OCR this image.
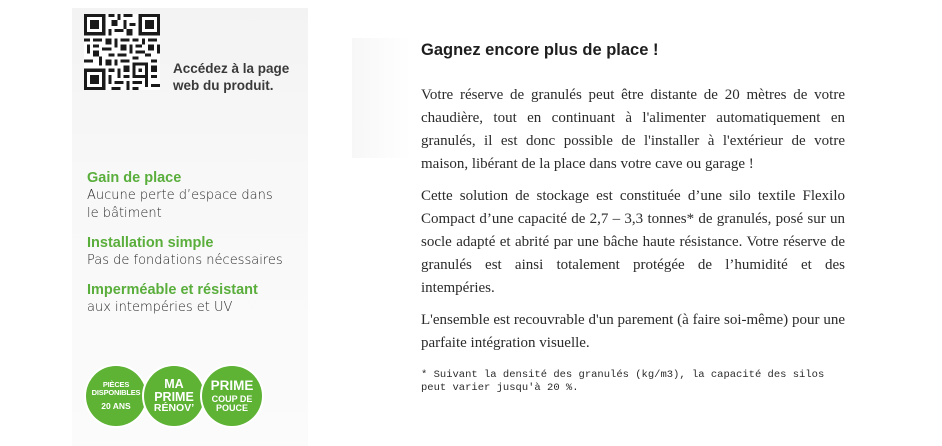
Accédez à la page
web du produit.
Gain de place
Aucune perte d’espace dans
le bâtiment
Installation simple
Pas de fondations nécessaires
Imperméable et résistant
aux intempéries et UV
PIÈCES
DISPONIBLES
20 ANS
MA
PRIME
RÉNOV’
PRIME
COUP DE
POUCE
Gagnez encore plus de place !

Votre réserve de granulés peut être distante de 20 mètres de votre chaudière, tout en continuant à l'alimenter automatiquement en granulés, il est donc possible de l'installer à l'extérieur de votre maison, libérant de la place dans votre cave ou garage !

Cette solution de stockage est constituée d’une silo textile Flexilo Compact d’une capacité de 2,7 – 3,3 tonnes* de granulés, posé sur un socle adapté et abrité par une bâche haute résistance. Votre réserve de granulés est ainsi totalement protégée de l’humidité et des intempéries.

L'ensemble est recouvrable d'un parement (à faire soi-même) pour une parfaite intégration visuelle.

* Suivant la densité des granulés (kg/m3), la capacité des silos peut varier jusqu'à 20 %.
